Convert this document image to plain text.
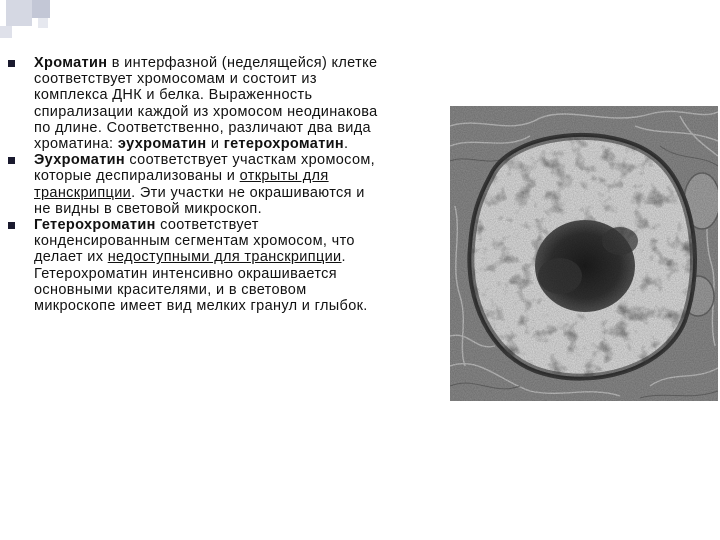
Хроматин в интерфазной (неделящейся) клетке соответствует хромосомам и состоит из комплекса ДНК и белка. Выраженность спирализации каждой из хромосом неодинакова по длине. Соответственно, различают два вида хроматина: эухроматин и гетерохроматин.
Эухроматин соответствует участкам хромосом, которые деспирализованы и открыты для транскрипции. Эти участки не окрашиваются и не видны в световой микроскоп.
Гетерохроматин соответствует конденсированным сегментам хромосом, что делает их недоступными для транскрипции. Гетерохроматин интенсивно окрашивается основными красителями, и в световом микроскопе имеет вид мелких гранул и глыбок.
